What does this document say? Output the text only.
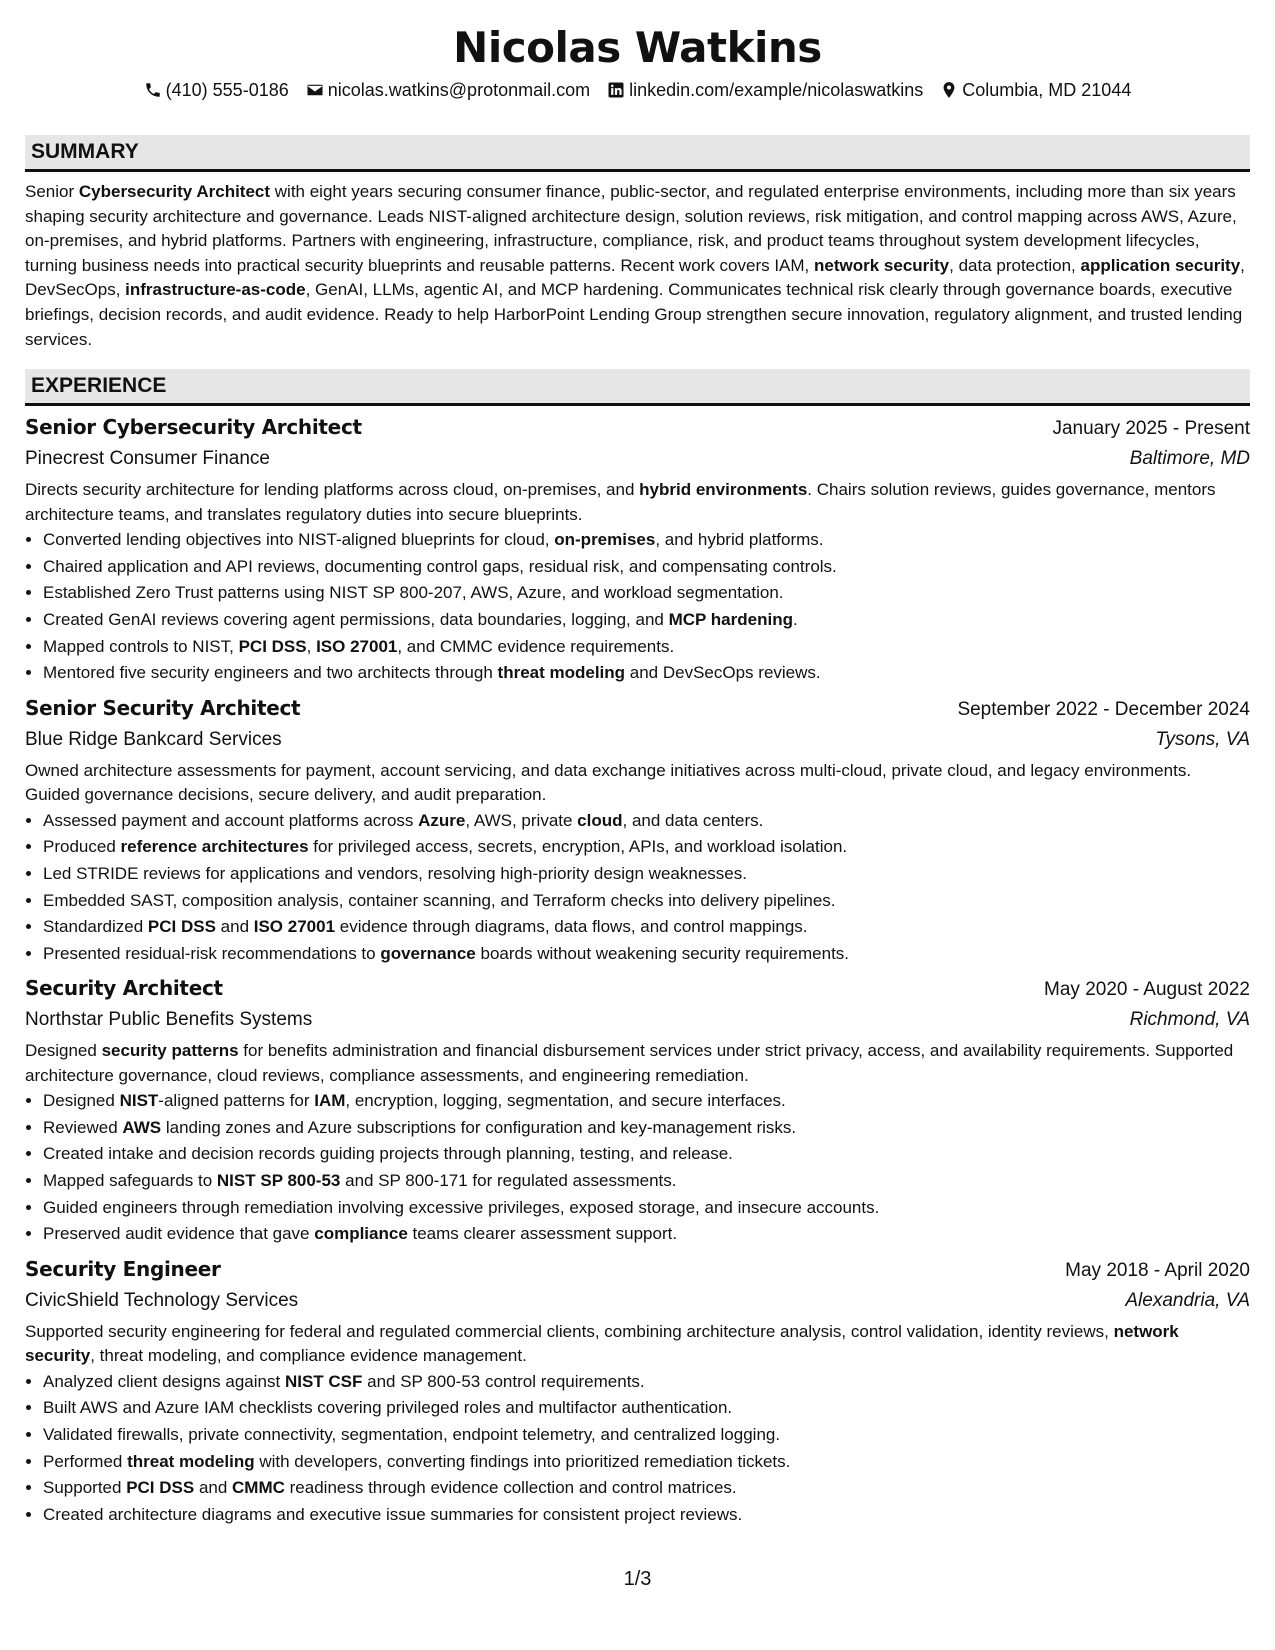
Nicolas Watkins
(410) 555-0186 nicolas.watkins@protonmail.com linkedin.com/example/nicolaswatkins Columbia, MD 21044
SUMMARY

Senior Cybersecurity Architect with eight years securing consumer finance, public-sector, and regulated enterprise environments, including more than six years shaping security architecture and governance. Leads NIST-aligned architecture design, solution reviews, risk mitigation, and control mapping across AWS, Azure, on-premises, and hybrid platforms. Partners with engineering, infrastructure, compliance, risk, and product teams throughout system development lifecycles, turning business needs into practical security blueprints and reusable patterns. Recent work covers IAM, network security, data protection, application security, DevSecOps, infrastructure-as-code, GenAI, LLMs, agentic AI, and MCP hardening. Communicates technical risk clearly through governance boards, executive briefings, decision records, and audit evidence. Ready to help HarborPoint Lending Group strengthen secure innovation, regulatory alignment, and trusted lending services.

EXPERIENCE
Senior Cybersecurity Architect	January 2025 - Present
Pinecrest Consumer Finance	Baltimore, MD

Directs security architecture for lending platforms across cloud, on-premises, and hybrid environments. Chairs solution reviews, guides governance, mentors architecture teams, and translates regulatory duties into secure blueprints.

• Converted lending objectives into NIST-aligned blueprints for cloud, on-premises, and hybrid platforms.
• Chaired application and API reviews, documenting control gaps, residual risk, and compensating controls.
• Established Zero Trust patterns using NIST SP 800-207, AWS, Azure, and workload segmentation.
• Created GenAI reviews covering agent permissions, data boundaries, logging, and MCP hardening.
• Mapped controls to NIST, PCI DSS, ISO 27001, and CMMC evidence requirements.
• Mentored five security engineers and two architects through threat modeling and DevSecOps reviews.
Senior Security Architect	September 2022 - December 2024
Blue Ridge Bankcard Services	Tysons, VA

Owned architecture assessments for payment, account servicing, and data exchange initiatives across multi-cloud, private cloud, and legacy environments. Guided governance decisions, secure delivery, and audit preparation.

• Assessed payment and account platforms across Azure, AWS, private cloud, and data centers.
• Produced reference architectures for privileged access, secrets, encryption, APIs, and workload isolation.
• Led STRIDE reviews for applications and vendors, resolving high-priority design weaknesses.
• Embedded SAST, composition analysis, container scanning, and Terraform checks into delivery pipelines.
• Standardized PCI DSS and ISO 27001 evidence through diagrams, data flows, and control mappings.
• Presented residual-risk recommendations to governance boards without weakening security requirements.
Security Architect	May 2020 - August 2022
Northstar Public Benefits Systems	Richmond, VA

Designed security patterns for benefits administration and financial disbursement services under strict privacy, access, and availability requirements. Supported architecture governance, cloud reviews, compliance assessments, and engineering remediation.

• Designed NIST-aligned patterns for IAM, encryption, logging, segmentation, and secure interfaces.
• Reviewed AWS landing zones and Azure subscriptions for configuration and key-management risks.
• Created intake and decision records guiding projects through planning, testing, and release.
• Mapped safeguards to NIST SP 800-53 and SP 800-171 for regulated assessments.
• Guided engineers through remediation involving excessive privileges, exposed storage, and insecure accounts.
• Preserved audit evidence that gave compliance teams clearer assessment support.
Security Engineer	May 2018 - April 2020
CivicShield Technology Services	Alexandria, VA

Supported security engineering for federal and regulated commercial clients, combining architecture analysis, control validation, identity reviews, network security, threat modeling, and compliance evidence management.

• Analyzed client designs against NIST CSF and SP 800-53 control requirements.
• Built AWS and Azure IAM checklists covering privileged roles and multifactor authentication.
• Validated firewalls, private connectivity, segmentation, endpoint telemetry, and centralized logging.
• Performed threat modeling with developers, converting findings into prioritized remediation tickets.
• Supported PCI DSS and CMMC readiness through evidence collection and control matrices.
• Created architecture diagrams and executive issue summaries for consistent project reviews.
1/3
